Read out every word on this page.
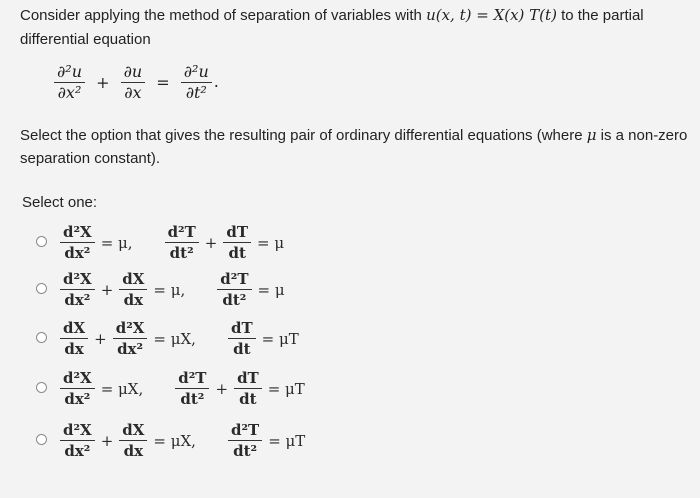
Consider applying the method of separation of variables with u(x, t) = X(x) T(t) to the partial

differential equation

$\frac{\text{∂²u}}{\text{∂x²}} + \frac{\partial u}{\partial x} = \frac{\text{∂²u}}{\text{∂t²}}$ .

Select the option that gives the resulting pair of ordinary differential equations (where μ is a non-zero

separation constant).

Select one:

$\frac{\text{d²X}}{\text{dx²}} = \mu$, $\frac{\text{d²T}}{\text{dt²}} + \frac{dT}{dt} = \mu$
$\frac{\text{d²X}}{\text{dx²}} + \frac{dX}{dx} = \mu$, $\frac{\text{d²T}}{\text{dt²}} = \mu$
$\frac{dX}{dx} + \frac{\text{d²X}}{\text{dx²}} = \mu X$, $\frac{dT}{dt} = \mu T$
$\frac{\text{d²X}}{\text{dx²}} = \mu X$, $\frac{\text{d²T}}{\text{dt²}} + \frac{dT}{dt} = \mu T$
$\frac{\text{d²X}}{\text{dx²}} + \frac{dX}{dx} = \mu X$, $\frac{\text{d²T}}{\text{dt²}} = \mu T$
